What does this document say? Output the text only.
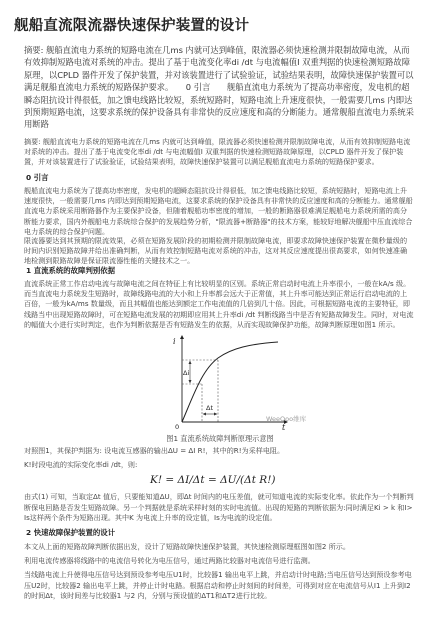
舰船直流限流器快速保护装置的设计

摘要: 舰船直流电力系统的短路电流在几ms 内就可达到峰值，限流器必须快速检测并限制故障电流，从而有效抑制短路电流对系统的冲击。提出了基于电流变化率di /dt 与电流幅值I 双重判据的快速检测短路故障原理，以CPLD 器件开发了保护装置，并对该装置进行了试验验证，试验结果表明，故障快速保护装置可以满足舰船直流电力系统的短路保护要求。　　0 引言　　舰船直流电力系统为了提高功率密度，发电机的超瞬态阻抗设计得很低，加之馈电线路比较短，系统短路时，短路电流上升速度很快，一般需要几ms 内即达到预期短路电流，这要求系统的保护设备具有非常快的反应速度和高的分断能力。通常舰船直流电力系统采用断路

摘要: 舰船直流电力系统的短路电流在几ms 内就可达到峰值，限流器必须快速检测并限制故障电流，从而有效抑制短路电流对系统的冲击。提出了基于电流变化率di /dt 与电流幅值I 双重判据的快速检测短路故障原理，以CPLD 器件开发了保护装置，并对该装置进行了试验验证，试验结果表明，故障快速保护装置可以满足舰船直流电力系统的短路保护要求。

0 引言

舰船直流电力系统为了提高功率密度，发电机的超瞬态阻抗设计得很低，加之馈电线路比较短，系统短路时，短路电流上升速度很快，一般需要几ms 内即达到预期短路电流，这要求系统的保护设备具有非常快的反应速度和高的分断能力。通常舰船直流电力系统采用断路器作为主要保护设备，但随着舰船功率密度的增加，一般的断路器很难满足舰船电力系统所需的高分断能力要求，国内外舰船电力系统综合保护的发展趋势分析，"限流器+断路器"的技术方案，能较好地解决舰船中压直流综合电力系统的综合保护问题。

限流器要达到其预期的限流效果，必须在短路发展阶段的初期检测并限制故障电流，即要求故障快速保护装置在微秒量级的时间内识别短路故障并给出准确判断，从而有效控制短路电流对系统的冲击，这对其反应速度提出很高要求，如何快速准确地检测到限路故障是保证限流器性能的关键技术之一。

1 直流系统的故障判别依据

i
t
Δi
Δt
0
WeeQoo维库
图1 直流系统故障判断原理示意图

对照图1，其保护判据为: 设电流互感器的输出ΔU = ΔI R!，其中的R!为采样电阻。

K!时段电流的实际变化率di /dt，则:

K! = ΔI/Δt = ΔU/(Δt R!)

由式(1) 可知，当取定Δt 值后，只要能知道ΔU，即Δt 时间内的电压差值，就可知道电流的实际变化率。依此作为一个判断判断保电回路是否发生短路故障。另一个判据就是系统采样时刻的实时电流值。出现的短路的判断依据为:同时满足Ki > k 和I> Is这样两个条件为短路出现。其中K 为电流上升率的设定值，Is为电流的设定值。

2 快速故障保护装置的设计

本文从上面的短路故障判断依据出发，设计了短路故障快速保护装置，其快速检测原理框图如图2 所示。

利用电流传感器将线路中的电流信号转化为电压信号，通过两路比较器对电流信号进行监测。

当线路电流上升使得电压信号达到预设参考电压U1时，比较器1 输出电平上跳，并启动计时电路;当电压信号达到预设参考电压U2时，比较器2 输出电平上跳，并停止计时电路。根据启动和停止时刻间的时间差，可得到对应在电流信号从I1 上升到I2的时间Δt，该时间差与比较器1 与2 内，分别与预设值的ΔT1和ΔT2进行比较。

直流系统正常工作启动电流与故障电流之间在特征上有比较明显的区别。系统正常启动时电流上升率很小，一般在kA/s 级。而当直流电力系统发生短路时，故障线路电流的大小和上升率都会远大于正常值，其上升率可能达到正常运行启动电流的上百倍，一般为kA/ms 数量级，而且其幅值也能达到额定工作电流值的几倍到几十倍。因此，可根据短路电流的主要特征，即线路当中出现短路故障时，可在短路电流发展的初期即应用其上升率di /dt 判断线路当中是否有短路故障发生。同时，对电流的幅值大小进行实时判定，也作为判断依据是否有短路发生的依据，从而实现故障保护功能，故障判断原理如图1 所示。
